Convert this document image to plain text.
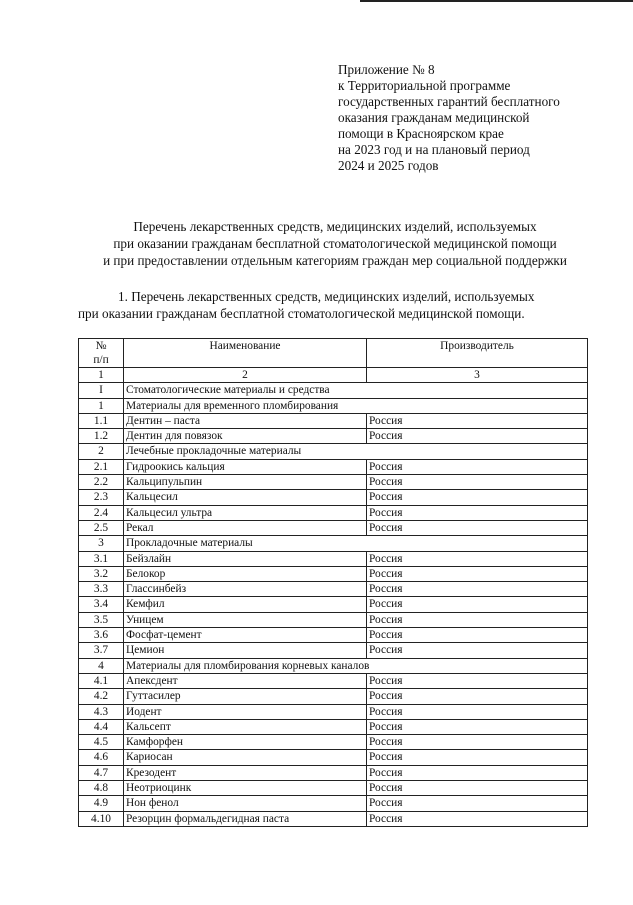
Приложение № 8
к Территориальной программе
государственных гарантий бесплатного
оказания гражданам медицинской
помощи в Красноярском крае
на 2023 год и на плановый период
2024 и 2025 годов
Перечень лекарственных средств, медицинских изделий, используемых
при оказании гражданам бесплатной стоматологической медицинской помощи
и при предоставлении отдельным категориям граждан мер социальной поддержки
1. Перечень лекарственных средств, медицинских изделий, используемых
при оказании гражданам бесплатной стоматологической медицинской помощи.
№
п/п	Наименование	Производитель
1	2	3
I	Стоматологические материалы и средства	
1	Материалы для временного пломбирования	
1.1	Дентин – паста	Россия
1.2	Дентин для повязок	Россия
2	Лечебные прокладочные материалы	
2.1	Гидроокись кальция	Россия
2.2	Кальципульпин	Россия
2.3	Кальцесил	Россия
2.4	Кальцесил ультра	Россия
2.5	Рекал	Россия
3	Прокладочные материалы	
3.1	Бейзлайн	Россия
3.2	Белокор	Россия
3.3	Глассинбейз	Россия
3.4	Кемфил	Россия
3.5	Уницем	Россия
3.6	Фосфат-цемент	Россия
3.7	Цемион	Россия
4	Материалы для пломбирования корневых каналов	
4.1	Апексдент	Россия
4.2	Гуттасилер	Россия
4.3	Иодент	Россия
4.4	Кальсепт	Россия
4.5	Камфорфен	Россия
4.6	Кариосан	Россия
4.7	Крезодент	Россия
4.8	Неотриоцинк	Россия
4.9	Нон фенол	Россия
4.10	Резорцин формальдегидная паста	Россия
